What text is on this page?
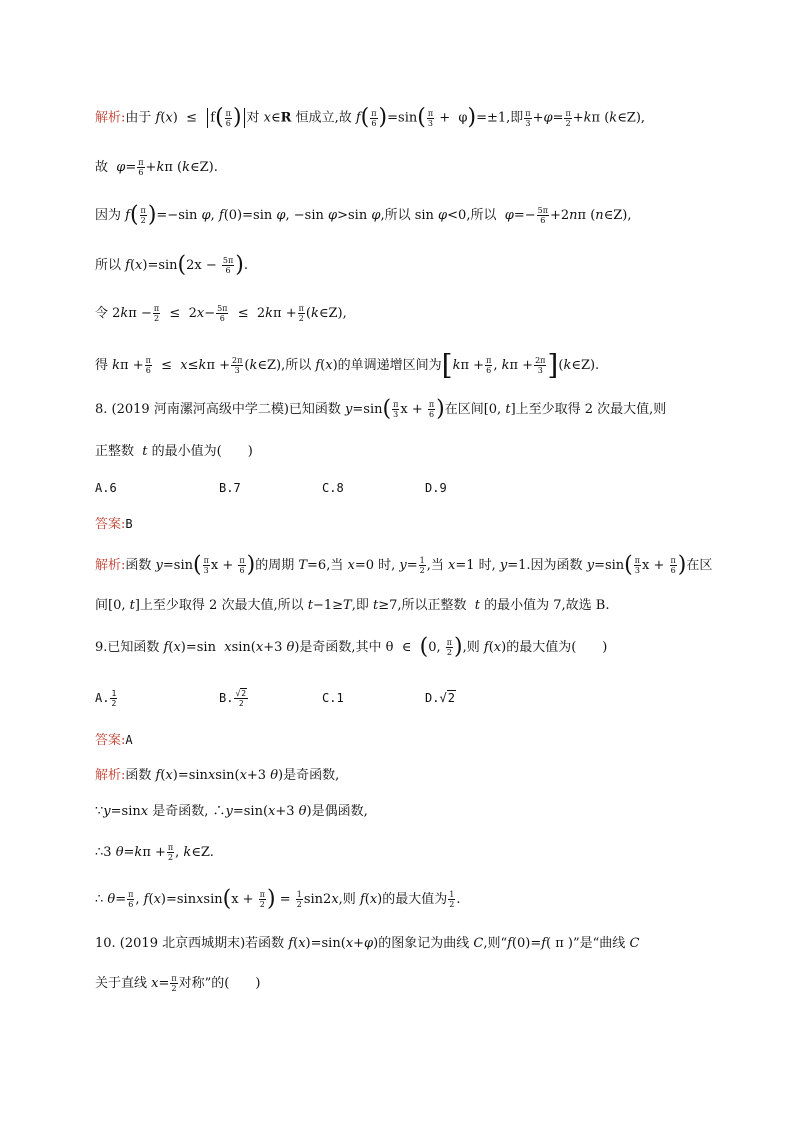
解析:由于 $f(x) \le f( \frac{\pi}{6}$ ) 对 x∈R 恒成立,故 $f( \frac{\pi}{6} )=\sin( \frac{\pi}{3} + \varphi)=\pm 1$,即 $\frac{\pi}{3} +\varphi= \frac{\pi}{2} +k\pi$ (k∈Z),
故  $\varphi= \frac{\pi}{6} +k\pi$ (k∈Z).
因为 $f( \frac{\pi}{2} )=-\sin$ φ, f(0)=sin φ, −sin φ>sin φ,所以 sin φ<0,所以  $\varphi=- \frac{5\pi}{6} +2n\pi$ (n∈Z),
所以 $f(x)=\sin(2x - \frac{5\pi}{6}$ ).
令 $2k\pi - \frac{\pi}{2} \le 2x- \frac{5\pi}{6} \le 2k\pi + \frac{\pi}{2}$ (k∈Z),
得 $k\pi + \frac{\pi}{6} \le x\le k\pi + \frac{2\pi}{3}$ (k∈Z),所以 f(x)的单调递增区间为[$k\pi + \frac{\pi}{6}$ , $k\pi + \frac{2\pi}{3}$ ](k∈Z).
8. (2019 河南漯河高级中学二模)已知函数 $y=\sin( \frac{\pi}{3}$ $x + \frac{\pi}{6}$ )在区间[0, t]上至少取得 2 次最大值,则
正整数  t 的最小值为(　　)
A.6	B.7	C.8	D.9
答案:B
解析:函数 $y=\sin( \frac{\pi}{3}$ $x + \frac{\pi}{6}$ )的周期 T=6,当 x=0 时, $y= \frac{1}{2}$ ,当 x=1 时, y=1.因为函数 $y=\sin( \frac{\pi}{3}$ $x + \frac{\pi}{6}$ )在区
间[0, t]上至少取得 2 次最大值,所以 t−1≥T,即 t≥7,所以正整数  t 的最小值为 7,故选 B.
9.已知函数 f(x)=sin  xsin(x+3 θ)是奇函数,其中 θ  ∈  (0, $\frac{\pi}{2}$ ),则 f(x)的最大值为(　　)
A. $\frac{1}{2}$	B. $\frac{√2}{2}$	C.1	D.√2
答案:A
解析:函数 f(x)=sinxsin(x+3 θ)是奇函数,
∵y=sinx 是奇函数, ∴y=sin(x+3 θ)是偶函数,
∴3 $\theta=k\pi + \frac{\pi}{2}$ , k∈Z.
∴ $\theta= \frac{\pi}{6}$ , f(x)=sinxsin(x + $\frac{\pi}{2}$ ) = $\frac{1}{2} \sin 2x$,则 f(x)的最大值为 $\frac{1}{2}$ .
10. (2019 北京西城期末)若函数 f(x)=sin(x+φ)的图象记为曲线 C,则“f(0)=f( π )”是“曲线 C
关于直线 $x= \frac{\pi}{2}$ 对称”的(　　)
